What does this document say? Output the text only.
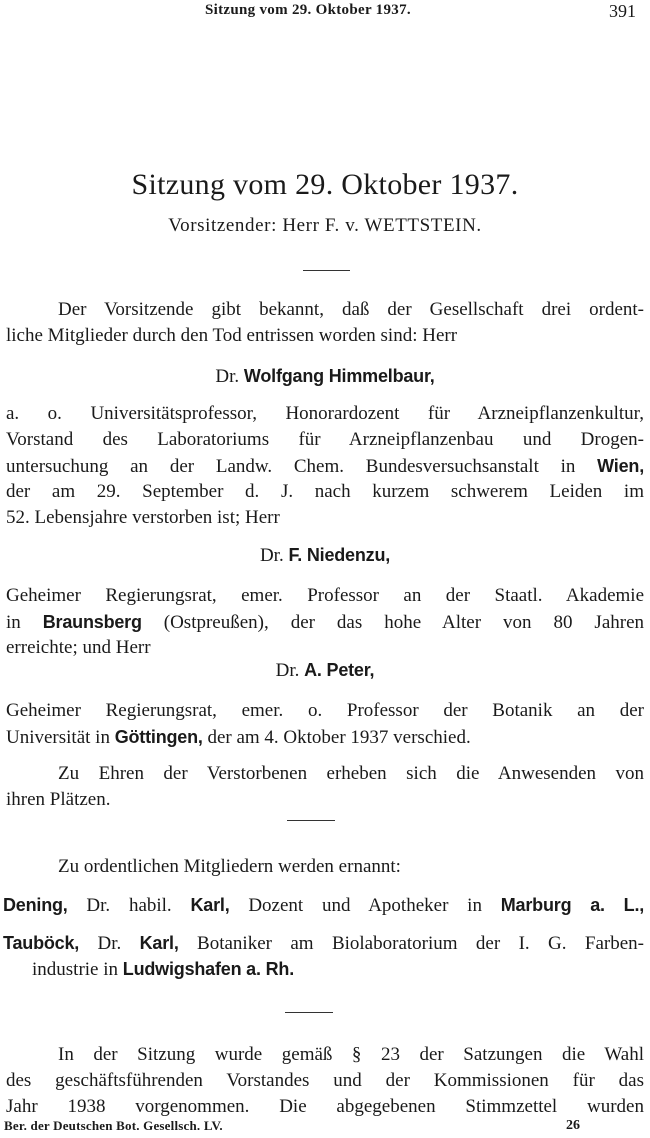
Sitzung vom 29. Oktober 1937.	391
Sitzung vom 29. Oktober 1937.
Vorsitzender: Herr F. v. WETTSTEIN.
Der Vorsitzende gibt bekannt, daß der Gesellschaft drei ordent-
liche Mitglieder durch den Tod entrissen worden sind: Herr
Dr. Wolfgang Himmelbaur,
a. o. Universitätsprofessor, Honorardozent für Arzneipflanzenkultur,
Vorstand des Laboratoriums für Arzneipflanzenbau und Drogen-
untersuchung an der Landw. Chem. Bundesversuchsanstalt in Wien,
der am 29. September d. J. nach kurzem schwerem Leiden im
52. Lebensjahre verstorben ist; Herr
Dr. F. Niedenzu,
Geheimer Regierungsrat, emer. Professor an der Staatl. Akademie
in Braunsberg (Ostpreußen), der das hohe Alter von 80 Jahren
erreichte; und Herr
Dr. A. Peter,
Geheimer Regierungsrat, emer. o. Professor der Botanik an der
Universität in Göttingen, der am 4. Oktober 1937 verschied.
Zu Ehren der Verstorbenen erheben sich die Anwesenden von
ihren Plätzen.
Zu ordentlichen Mitgliedern werden ernannt:
Dening, Dr. habil. Karl, Dozent und Apotheker in Marburg a. L.,
Tauböck, Dr. Karl, Botaniker am Biolaboratorium der I. G. Farben-
industrie in Ludwigshafen a. Rh.
In der Sitzung wurde gemäß § 23 der Satzungen die Wahl
des geschäftsführenden Vorstandes und der Kommissionen für das
Jahr 1938 vorgenommen. Die abgegebenen Stimmzettel wurden
Ber. der Deutschen Bot. Gesellsch. LV.	26
